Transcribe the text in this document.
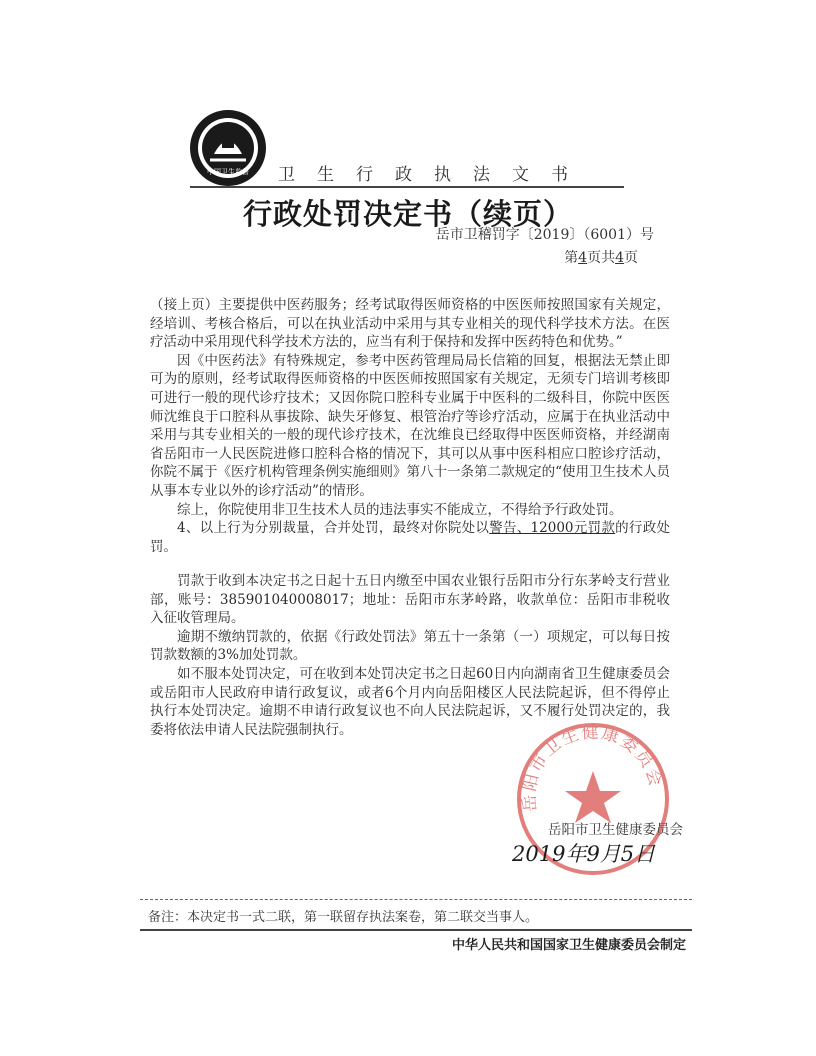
中国卫生监督 卫生行政执法文书
行政处罚决定书（续页）
岳市卫稽罚字〔2019〕（6001）号
第4页共4页

（接上页）主要提供中医药服务；经考试取得医师资格的中医医师按照国家有关规定，经培训、考核合格后，可以在执业活动中采用与其专业相关的现代科学技术方法。在医疗活动中采用现代科学技术方法的，应当有利于保持和发挥中医药特色和优势。”

因《中医药法》有特殊规定，参考中医药管理局局长信箱的回复，根据法无禁止即可为的原则，经考试取得医师资格的中医医师按照国家有关规定，无须专门培训考核即可进行一般的现代诊疗技术；又因你院口腔科专业属于中医科的二级科目，你院中医医师沈维良于口腔科从事拔除、缺失牙修复、根管治疗等诊疗活动，应属于在执业活动中采用与其专业相关的一般的现代诊疗技术，在沈维良已经取得中医医师资格，并经湖南省岳阳市一人民医院进修口腔科合格的情况下，其可以从事中医科相应口腔诊疗活动，你院不属于《医疗机构管理条例实施细则》第八十一条第二款规定的“使用卫生技术人员从事本专业以外的诊疗活动”的情形。

综上，你院使用非卫生技术人员的违法事实不能成立，不得给予行政处罚。

4、以上行为分别裁量，合并处罚，最终对你院处以警告、12000元罚款的行政处罚。

罚款于收到本决定书之日起十五日内缴至中国农业银行岳阳市分行东茅岭支行营业部，账号：385901040008017；地址：岳阳市东茅岭路，收款单位：岳阳市非税收入征收管理局。

逾期不缴纳罚款的，依据《行政处罚法》第五十一条第（一）项规定，可以每日按罚款数额的3%加处罚款。

如不服本处罚决定，可在收到本处罚决定书之日起60日内向湖南省卫生健康委员会或岳阳市人民政府申请行政复议，或者6个月内向岳阳楼区人民法院起诉，但不得停止执行本处罚决定。逾期不申请行政复议也不向人民法院起诉，又不履行处罚决定的，我委将依法申请人民法院强制执行。

岳阳市卫生健康委员会
岳阳市卫生健康委员会
2019年9月5日
备注：本决定书一式二联，第一联留存执法案卷，第二联交当事人。
中华人民共和国国家卫生健康委员会制定
